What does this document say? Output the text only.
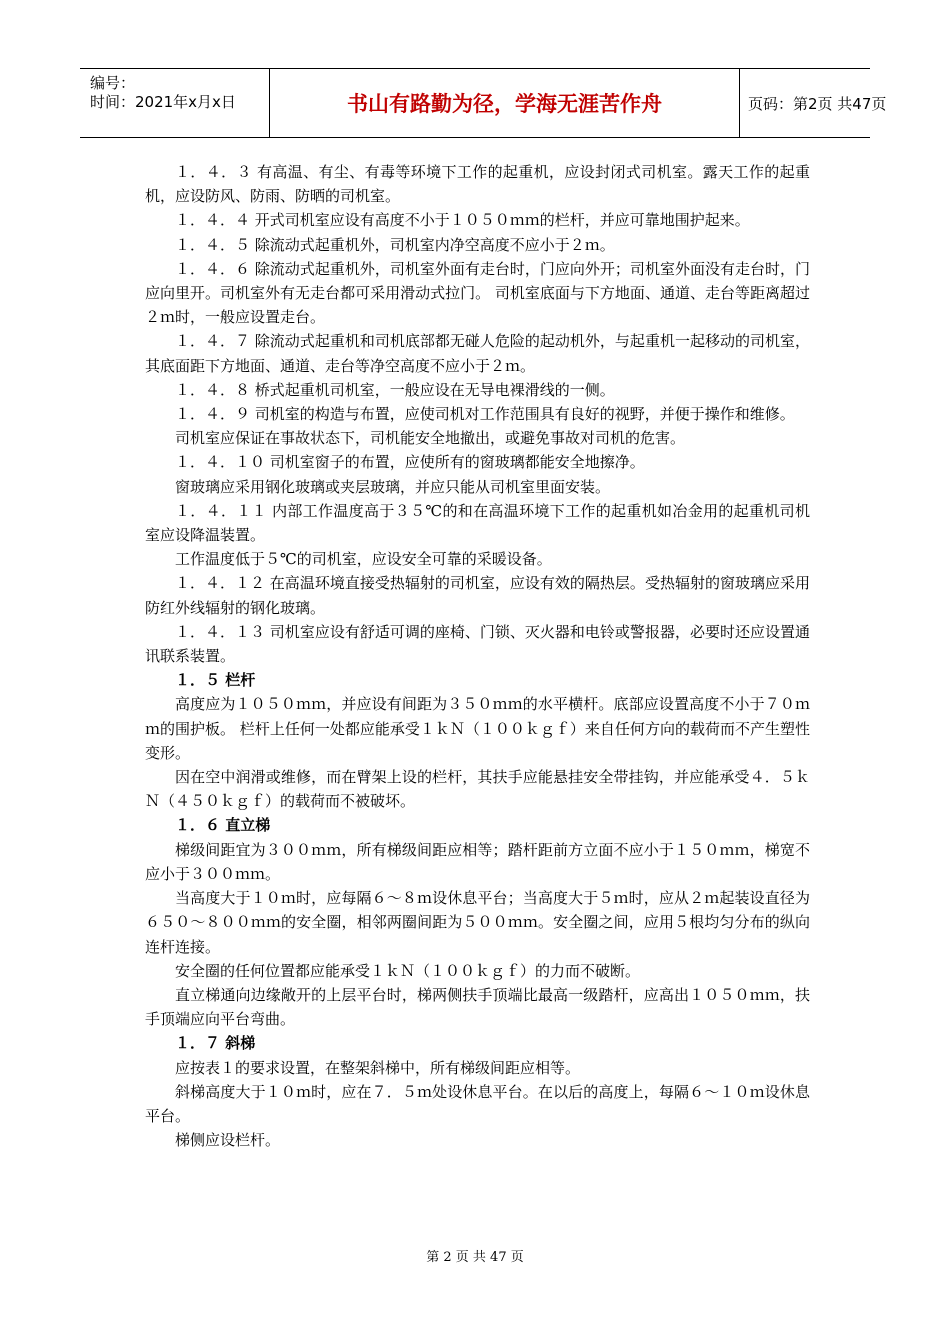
编号：
时间：2021年x月x日	书山有路勤为径，学海无涯苦作舟	页码：第2页 共47页

１．４．３ 有高温、有尘、有毒等环境下工作的起重机，应设封闭式司机室。露天工作的起重机，应设防风、防雨、防晒的司机室。

１．４．４ 开式司机室应设有高度不小于１０５０ｍｍ的栏杆，并应可靠地围护起来。

１．４．５ 除流动式起重机外，司机室内净空高度不应小于２ｍ。

１．４．６ 除流动式起重机外，司机室外面有走台时，门应向外开；司机室外面没有走台时，门应向里开。司机室外有无走台都可采用滑动式拉门。 司机室底面与下方地面、通道、走台等距离超过２ｍ时，一般应设置走台。

１．４．７ 除流动式起重机和司机底部都无碰人危险的起动机外，与起重机一起移动的司机室，其底面距下方地面、通道、走台等净空高度不应小于２ｍ。

１．４．８ 桥式起重机司机室，一般应设在无导电裸滑线的一侧。

１．４．９ 司机室的构造与布置，应使司机对工作范围具有良好的视野，并便于操作和维修。

司机室应保证在事故状态下，司机能安全地撤出，或避免事故对司机的危害。

１．４．１０ 司机室窗子的布置，应使所有的窗玻璃都能安全地擦净。

窗玻璃应采用钢化玻璃或夹层玻璃，并应只能从司机室里面安装。

１．４．１１ 内部工作温度高于３５℃的和在高温环境下工作的起重机如冶金用的起重机司机室应设降温装置。

工作温度低于５℃的司机室，应设安全可靠的采暖设备。

１．４．１２ 在高温环境直接受热辐射的司机室，应设有效的隔热层。受热辐射的窗玻璃应采用防红外线辐射的钢化玻璃。

１．４．１３ 司机室应设有舒适可调的座椅、门锁、灭火器和电铃或警报器，必要时还应设置通讯联系装置。

１．５ 栏杆

高度应为１０５０ｍｍ，并应设有间距为３５０ｍｍ的水平横杆。底部应设置高度不小于７０ｍｍ的围护板。 栏杆上任何一处都应能承受１ｋＮ（１００ｋｇｆ）来自任何方向的载荷而不产生塑性变形。

因在空中润滑或维修，而在臂架上设的栏杆，其扶手应能悬挂安全带挂钩，并应能承受４．５ｋＮ（４５０ｋｇｆ）的载荷而不被破坏。

１．６ 直立梯

梯级间距宜为３００ｍｍ，所有梯级间距应相等；踏杆距前方立面不应小于１５０ｍｍ，梯宽不应小于３００ｍｍ。

当高度大于１０ｍ时，应每隔６～８ｍ设休息平台；当高度大于５ｍ时，应从２ｍ起装设直径为６５０～８００ｍｍ的安全圈，相邻两圈间距为５００ｍｍ。安全圈之间，应用５根均匀分布的纵向连杆连接。

安全圈的任何位置都应能承受１ｋＮ（１００ｋｇｆ）的力而不破断。

直立梯通向边缘敞开的上层平台时，梯两侧扶手顶端比最高一级踏杆，应高出１０５０ｍｍ，扶手顶端应向平台弯曲。

１．７ 斜梯

应按表１的要求设置，在整架斜梯中，所有梯级间距应相等。

斜梯高度大于１０ｍ时，应在７．５ｍ处设休息平台。在以后的高度上，每隔６～１０ｍ设休息平台。

梯侧应设栏杆。

第 2 页 共 47 页
